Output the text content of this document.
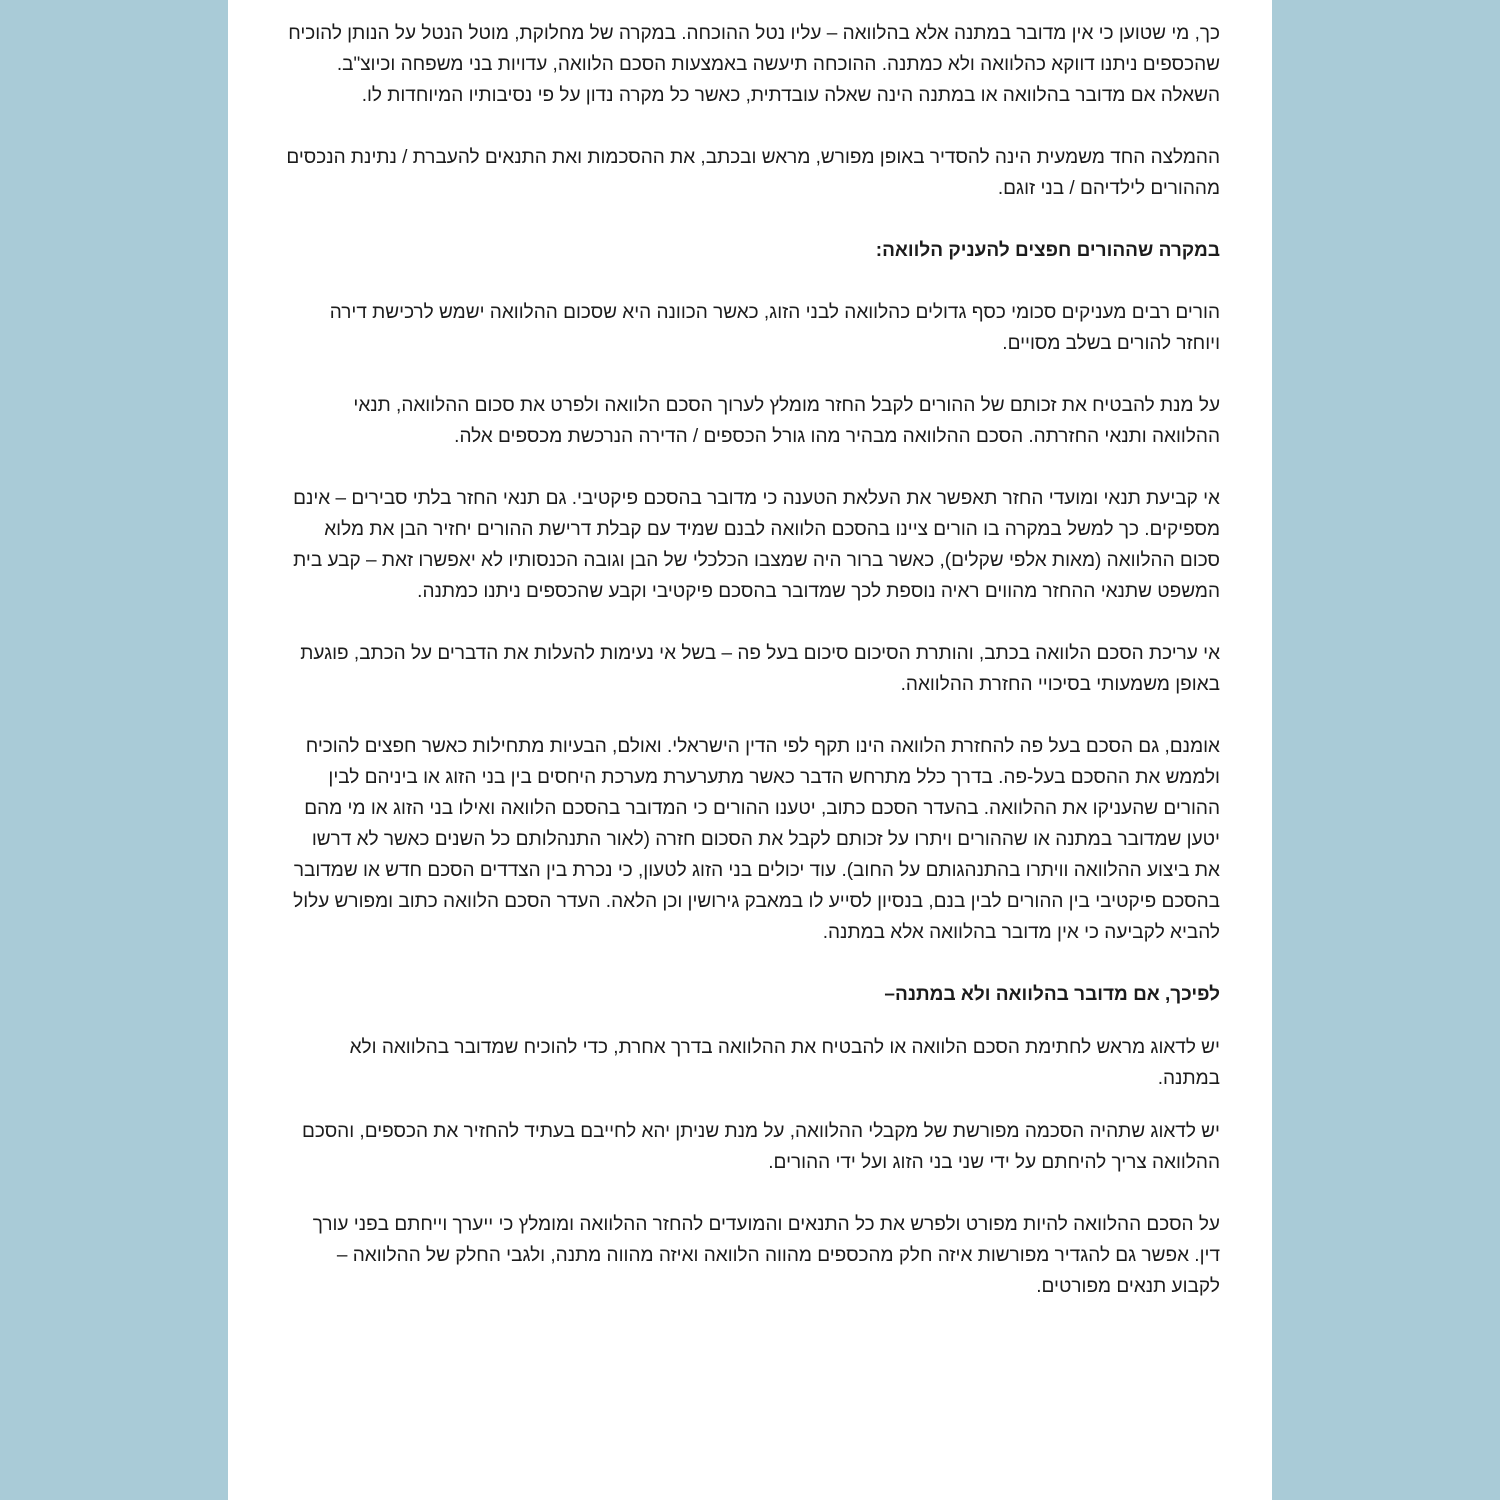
כך, מי שטוען כי אין מדובר במתנה אלא בהלוואה – עליו נטל ההוכחה. במקרה של מחלוקת, מוטל הנטל על הנותן להוכיח שהכספים ניתנו דווקא כהלוואה ולא כמתנה. ההוכחה תיעשה באמצעות הסכם הלוואה, עדויות בני משפחה וכיוצ"ב. השאלה אם מדובר בהלוואה או במתנה הינה שאלה עובדתית, כאשר כל מקרה נדון על פי נסיבותיו המיוחדות לו.

ההמלצה החד משמעית הינה להסדיר באופן מפורש, מראש ובכתב, את ההסכמות ואת התנאים להעברת / נתינת הנכסים מההורים לילדיהם / בני זוגם.

במקרה שההורים חפצים להעניק הלוואה:

הורים רבים מעניקים סכומי כסף גדולים כהלוואה לבני הזוג, כאשר הכוונה היא שסכום ההלוואה ישמש לרכישת דירה ויוחזר להורים בשלב מסויים.

על מנת להבטיח את זכותם של ההורים לקבל החזר מומלץ לערוך הסכם הלוואה ולפרט את סכום ההלוואה, תנאי ההלוואה ותנאי החזרתה. הסכם ההלוואה מבהיר מהו גורל הכספים / הדירה הנרכשת מכספים אלה.

אי קביעת תנאי ומועדי החזר תאפשר את העלאת הטענה כי מדובר בהסכם פיקטיבי. גם תנאי החזר בלתי סבירים – אינם מספיקים. כך למשל במקרה בו הורים ציינו בהסכם הלוואה לבנם שמיד עם קבלת דרישת ההורים יחזיר הבן את מלוא סכום ההלוואה (מאות אלפי שקלים), כאשר ברור היה שמצבו הכלכלי של הבן וגובה הכנסותיו לא יאפשרו זאת – קבע בית המשפט שתנאי ההחזר מהווים ראיה נוספת לכך שמדובר בהסכם פיקטיבי וקבע שהכספים ניתנו כמתנה.

אי עריכת הסכם הלוואה בכתב, והותרת הסיכום סיכום בעל פה – בשל אי נעימות להעלות את הדברים על הכתב, פוגעת באופן משמעותי בסיכויי החזרת ההלוואה.

אומנם, גם הסכם בעל פה להחזרת הלוואה הינו תקף לפי הדין הישראלי. ואולם, הבעיות מתחילות כאשר חפצים להוכיח ולממש את ההסכם בעל-פה. בדרך כלל מתרחש הדבר כאשר מתערערת מערכת היחסים בין בני הזוג או ביניהם לבין ההורים שהעניקו את ההלוואה. בהעדר הסכם כתוב, יטענו ההורים כי המדובר בהסכם הלוואה ואילו בני הזוג או מי מהם יטען שמדובר במתנה או שההורים ויתרו על זכותם לקבל את הסכום חזרה (לאור התנהלותם כל השנים כאשר לא דרשו את ביצוע ההלוואה וויתרו בהתנהגותם על החוב). עוד יכולים בני הזוג לטעון, כי נכרת בין הצדדים הסכם חדש או שמדובר בהסכם פיקטיבי בין ההורים לבין בנם, בנסיון לסייע לו במאבק גירושין וכן הלאה. העדר הסכם הלוואה כתוב ומפורש עלול להביא לקביעה כי אין מדובר בהלוואה אלא במתנה.

לפיכך, אם מדובר בהלוואה ולא במתנה–

יש לדאוג מראש לחתימת הסכם הלוואה או להבטיח את ההלוואה בדרך אחרת, כדי להוכיח שמדובר בהלוואה ולא במתנה.

יש לדאוג שתהיה הסכמה מפורשת של מקבלי ההלוואה, על מנת שניתן יהא לחייבם בעתיד להחזיר את הכספים, והסכם ההלוואה צריך להיחתם על ידי שני בני הזוג ועל ידי ההורים.

על הסכם ההלוואה להיות מפורט ולפרש את כל התנאים והמועדים להחזר ההלוואה ומומלץ כי ייערך וייחתם בפני עורך דין. אפשר גם להגדיר מפורשות איזה חלק מהכספים מהווה הלוואה ואיזה מהווה מתנה, ולגבי החלק של ההלוואה – לקבוע תנאים מפורטים.
